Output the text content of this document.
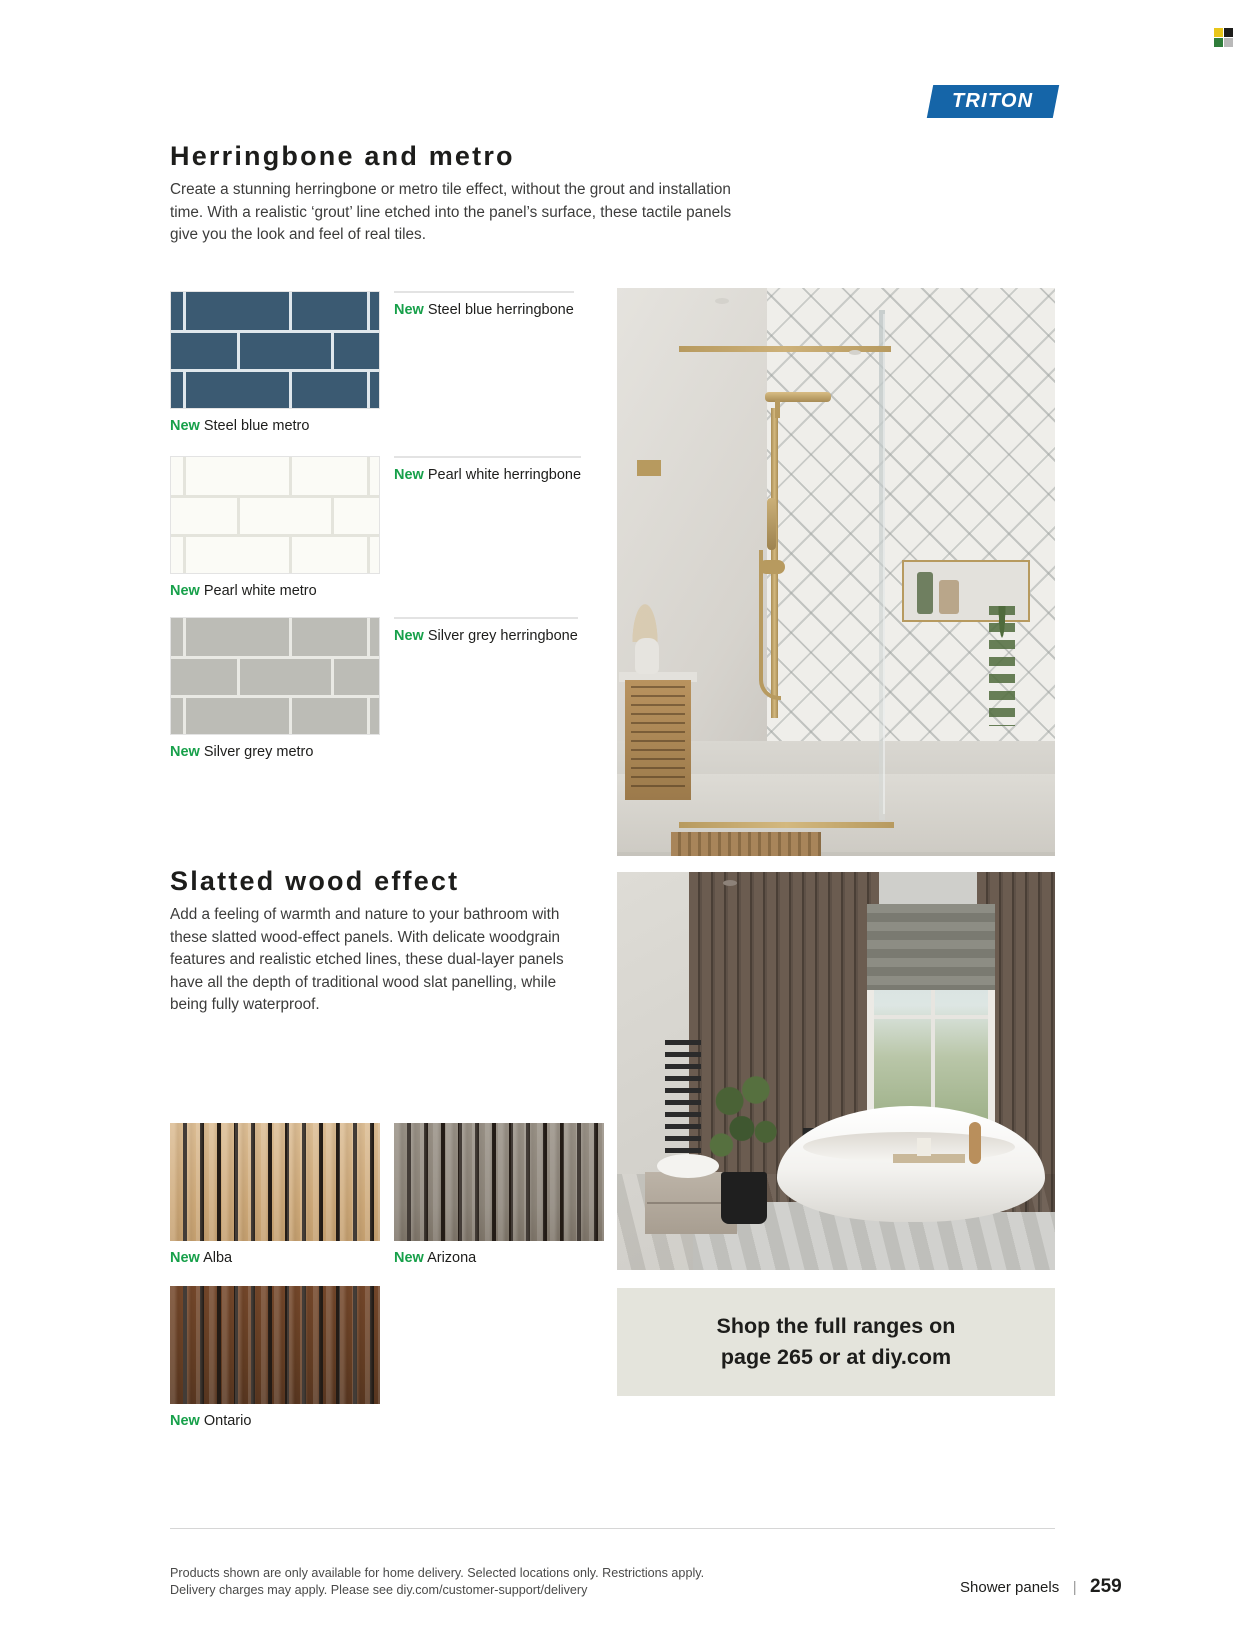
TRITON
Herringbone and metro
Create a stunning herringbone or metro tile effect, without the grout and installation time. With a realistic ‘grout’ line etched into the panel’s surface, these tactile panels give you the look and feel of real tiles.
New Steel blue metro
New Steel blue herringbone
New Pearl white metro
New Pearl white herringbone
New Silver grey metro
New Silver grey herringbone
Slatted wood effect
Add a feeling of warmth and nature to your bathroom with these slatted wood-effect panels. With delicate woodgrain features and realistic etched lines, these dual-layer panels have all the depth of traditional wood slat panelling, while being fully waterproof.
New Alba	New Arizona
New Ontario
Shop the full ranges on
page 265 or at diy.com
Products shown are only available for home delivery. Selected locations only. Restrictions apply.
Delivery charges may apply. Please see diy.com/customer-support/delivery	Shower panels | 259
